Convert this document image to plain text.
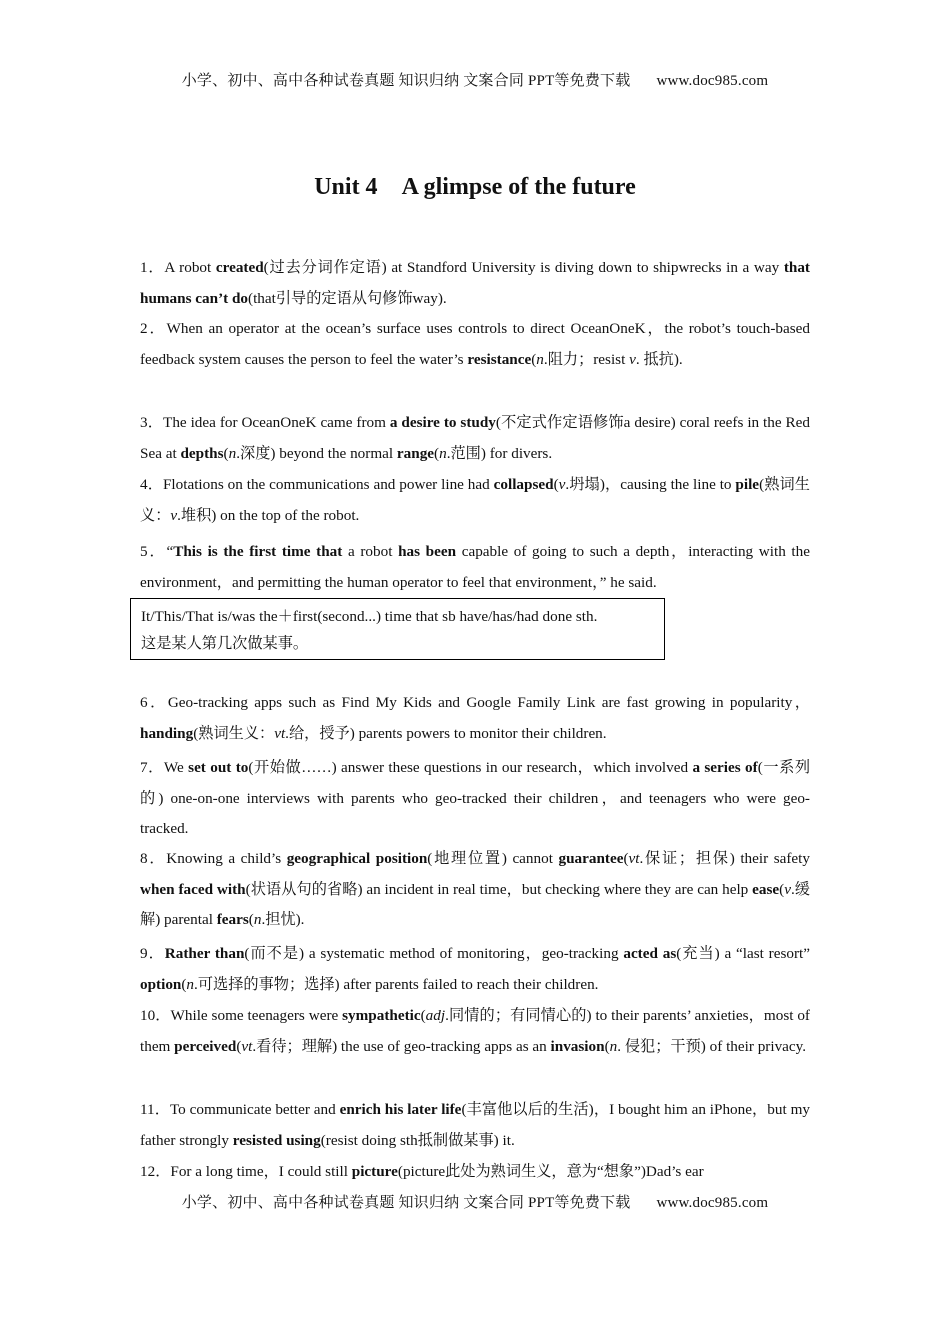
小学、初中、高中各种试卷真题 知识归纳 文案合同 PPT等免费下载 www.doc985.com
Unit 4 A glimpse of the future
1．A robot created(过去分词作定语) at Standford University is diving down to shipwrecks in a way that humans can’t do(that引导的定语从句修饰way).
2．When an operator at the ocean’s surface uses controls to direct OceanOneK，the robot’s touch-based feedback system causes the person to feel the water’s resistance(n.阻力；resist v. 抵抗).
3．The idea for OceanOneK came from a desire to study(不定式作定语修饰a desire) coral reefs in the Red Sea at depths(n.深度) beyond the normal range(n.范围) for divers.
4．Flotations on the communications and power line had collapsed(v.坍塌)，causing the line to pile(熟词生义：v.堆积) on the top of the robot.
5．“This is the first time that a robot has been capable of going to such a depth，interacting with the environment，and permitting the human operator to feel that environment，” he said.
It/This/That is/was the＋first(second...) time that sb have/has/had done sth.
这是某人第几次做某事。
6．Geo-tracking apps such as Find My Kids and Google Family Link are fast growing in popularity，handing(熟词生义：vt.给，授予) parents powers to monitor their children.
7．We set out to(开始做……) answer these questions in our research，which involved a series of(一系列的) one-on-one interviews with parents who geo-tracked their children，and teenagers who were geo-tracked.
8．Knowing a child’s geographical position(地理位置) cannot guarantee(vt.保证；担保) their safety when faced with(状语从句的省略) an incident in real time，but checking where they are can help ease(v.缓解) parental fears(n.担忧).
9．Rather than(而不是) a systematic method of monitoring，geo-tracking acted as(充当) a “last resort” option(n.可选择的事物；选择) after parents failed to reach their children.
10．While some teenagers were sympathetic(adj.同情的；有同情心的) to their parents’ anxieties，most of them perceived(vt.看待；理解) the use of geo-tracking apps as an invasion(n. 侵犯；干预) of their privacy.
11．To communicate better and enrich his later life(丰富他以后的生活)，I bought him an iPhone，but my father strongly resisted using(resist doing sth抵制做某事) it.
12．For a long time，I could still picture(picture此处为熟词生义，意为“想象”)Dad’s ear
小学、初中、高中各种试卷真题 知识归纳 文案合同 PPT等免费下载 www.doc985.com
